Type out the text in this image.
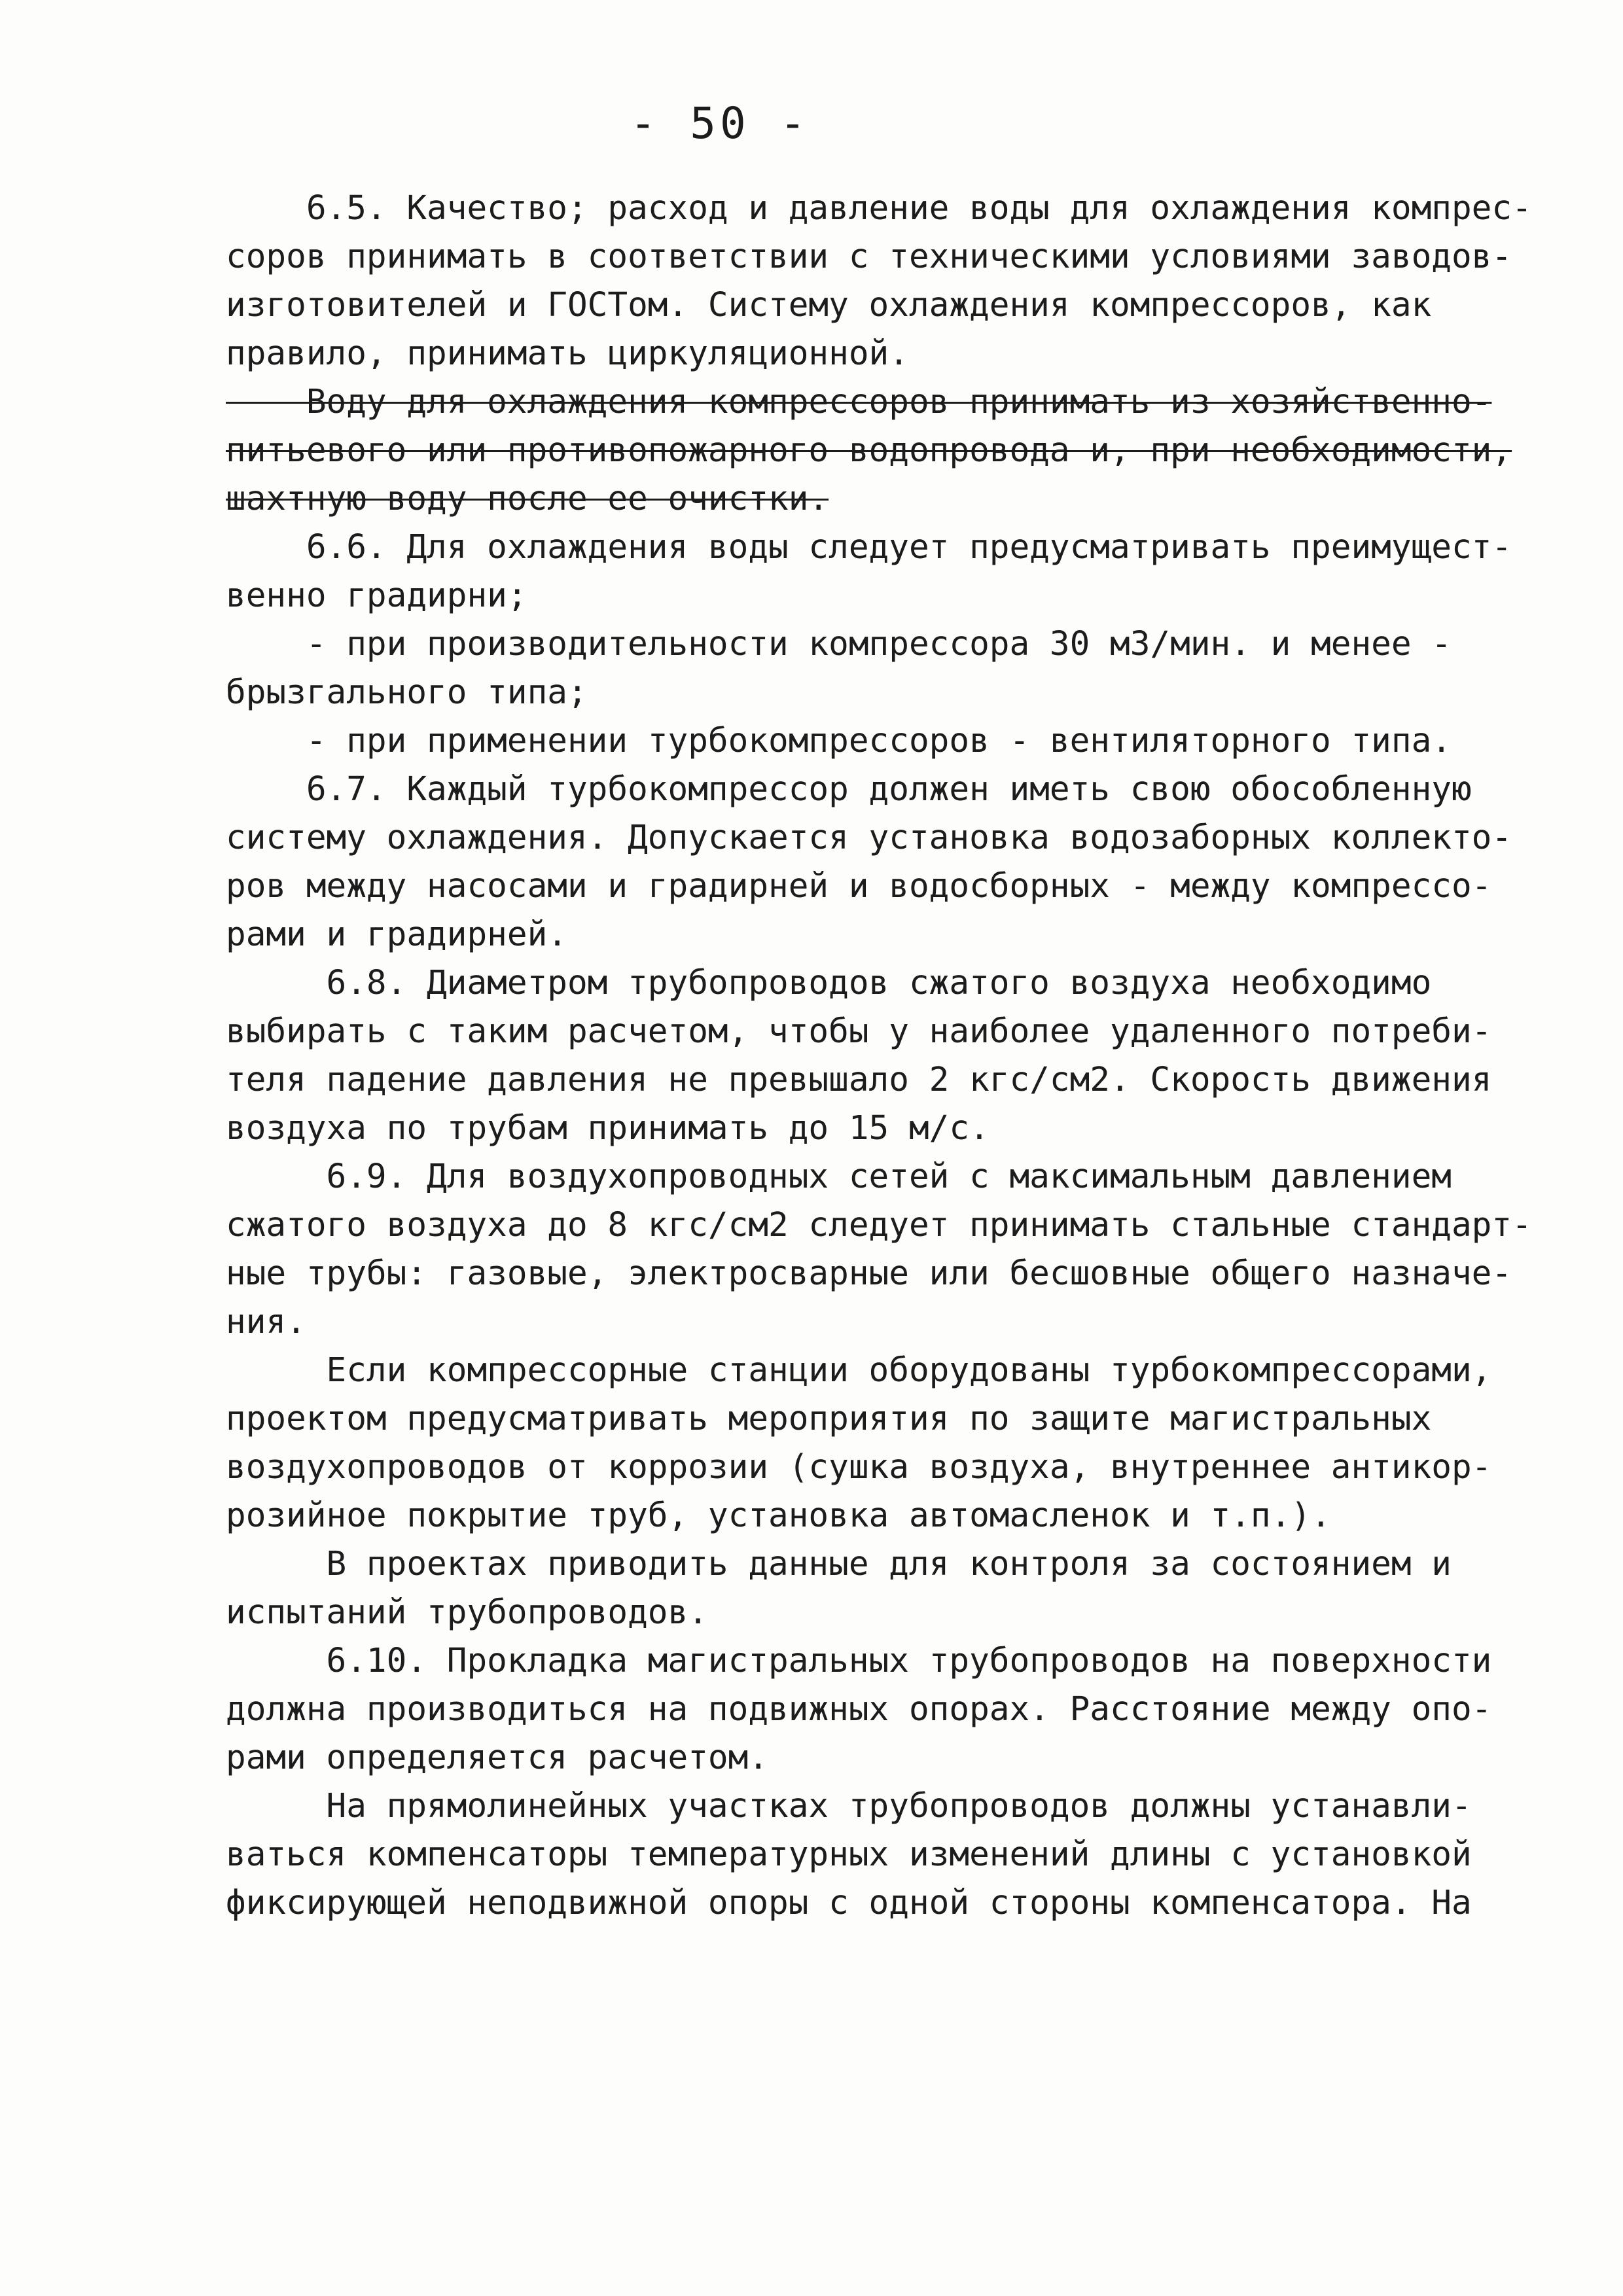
- 50 -
6.5. Качество; расход и давление воды для охлаждения компрес-
соров принимать в соответствии с техническими условиями заводов-
изготовителей и ГОСТом. Систему охлаждения компрессоров, как
правило, принимать циркуляционной.
Воду для охлаждения компрессоров принимать из хозяйственно-
питьевого или противопожарного водопровода и, при необходимости,
шахтную воду после ее очистки.
6.6. Для охлаждения воды следует предусматривать преимущест-
венно градирни;
- при производительности компрессора 30 м3/мин. и менее -
брызгального типа;
- при применении турбокомпрессоров - вентиляторного типа.
6.7. Каждый турбокомпрессор должен иметь свою обособленную
систему охлаждения. Допускается установка водозаборных коллекто-
ров между насосами и градирней и водосборных - между компрессо-
рами и градирней.
6.8. Диаметром трубопроводов сжатого воздуха необходимо
выбирать с таким расчетом, чтобы у наиболее удаленного потреби-
теля падение давления не превышало 2 кгс/см2. Скорость движения
воздуха по трубам принимать до 15 м/с.
6.9. Для воздухопроводных сетей с максимальным давлением
сжатого воздуха до 8 кгс/см2 следует принимать стальные стандарт-
ные трубы: газовые, электросварные или бесшовные общего назначе-
ния.
Если компрессорные станции оборудованы турбокомпрессорами,
проектом предусматривать мероприятия по защите магистральных
воздухопроводов от коррозии (сушка воздуха, внутреннее антикор-
розийное покрытие труб, установка автомасленок и т.п.).
В проектах приводить данные для контроля за состоянием и
испытаний трубопроводов.
6.10. Прокладка магистральных трубопроводов на поверхности
должна производиться на подвижных опорах. Расстояние между опо-
рами определяется расчетом.
На прямолинейных участках трубопроводов должны устанавли-
ваться компенсаторы температурных изменений длины с установкой
фиксирующей неподвижной опоры с одной стороны компенсатора. На
